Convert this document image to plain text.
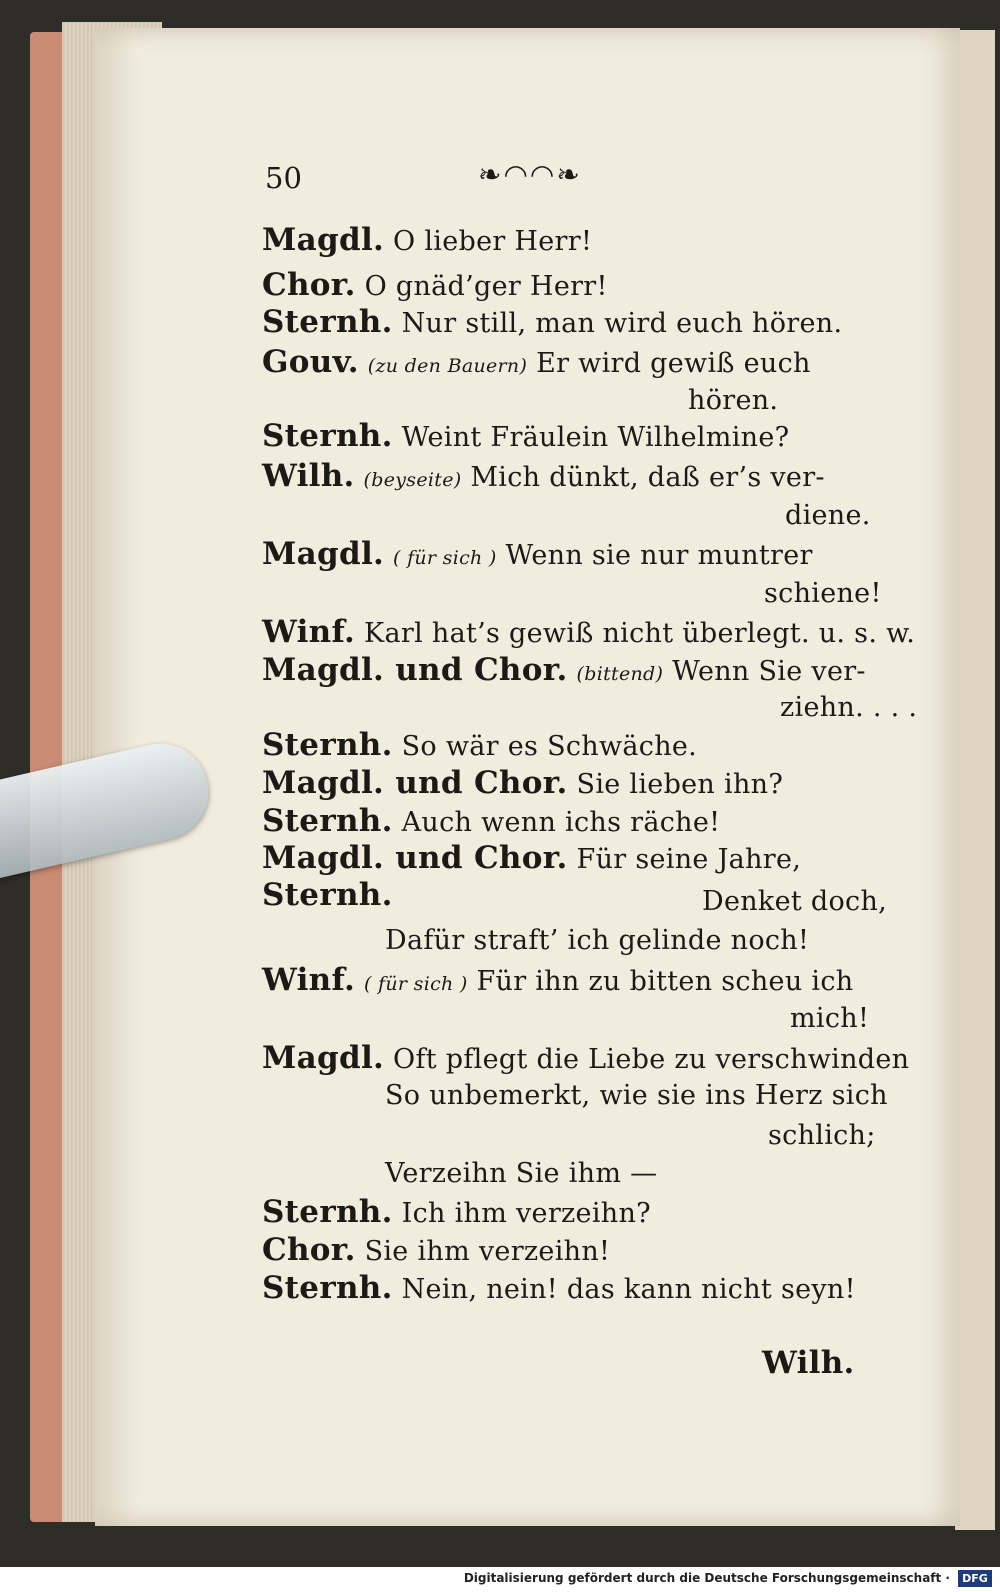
50	❧◠◠❧

Magdl. O lieber Herr!

Chor. O gnäd’ger Herr!

Sternh. Nur still, man wird euch hören.

Gouv. (zu den Bauern) Er wird gewiß euch

hören.

Sternh. Weint Fräulein Wilhelmine?

Wilh. (beyseite) Mich dünkt, daß er’s ver-

diene.

Magdl. ( für sich ) Wenn sie nur muntrer

schiene!

Winf. Karl hat’s gewiß nicht überlegt. u. s. w.

Magdl. und Chor. (bittend) Wenn Sie ver-

ziehn. . . .

Sternh. So wär es Schwäche.

Magdl. und Chor. Sie lieben ihn?

Sternh. Auch wenn ichs räche!

Magdl. und Chor. Für seine Jahre,

Sternh.	Denket doch,

Dafür straft’ ich gelinde noch!

Winf. ( für sich ) Für ihn zu bitten scheu ich

mich!

Magdl. Oft pflegt die Liebe zu verschwinden

So unbemerkt, wie sie ins Herz sich

schlich;

Verzeihn Sie ihm —

Sternh. Ich ihm verzeihn?

Chor. Sie ihm verzeihn!

Sternh. Nein, nein! das kann nicht seyn!

Wilh.

Digitalisierung gefördert durch die Deutsche Forschungsgemeinschaft ·	DFG
